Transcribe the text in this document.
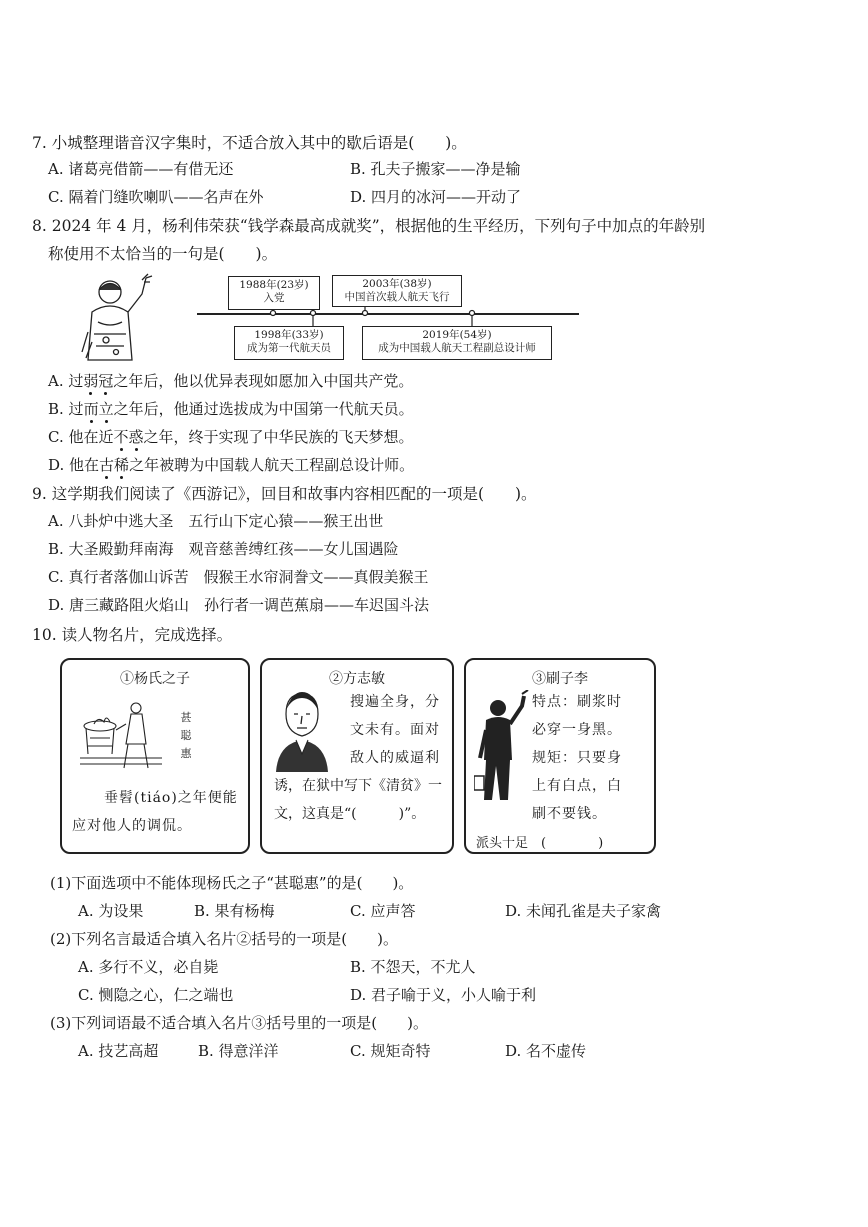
7. 小城整理谐音汉字集时，不适合放入其中的歇后语是(　　)。
A. 诸葛亮借箭——有借无还	B. 孔夫子搬家——净是输
C. 隔着门缝吹喇叭——名声在外	D. 四月的冰河——开动了
8. 2024 年 4 月，杨利伟荣获“钱学森最高成就奖”，根据他的生平经历，下列句子中加点的年龄别
称使用不太恰当的一句是(　　)。
1988年(23岁)
入党
2003年(38岁)
中国首次载人航天飞行
1998年(33岁)
成为第一代航天员
2019年(54岁)
成为中国载人航天工程副总设计师
A. 过弱冠之年后，他以优异表现如愿加入中国共产党。
B. 过而立之年后，他通过选拔成为中国第一代航天员。
C. 他在近不惑之年，终于实现了中华民族的飞天梦想。
D. 他在古稀之年被聘为中国载人航天工程副总设计师。
9. 这学期我们阅读了《西游记》，回目和故事内容相匹配的一项是(　　)。
A. 八卦炉中逃大圣　五行山下定心猿——猴王出世
B. 大圣殿勤拜南海　观音慈善缚红孩——女儿国遇险
C. 真行者落伽山诉苦　假猴王水帘洞誊文——真假美猴王
D. 唐三藏路阻火焰山　孙行者一调芭蕉扇——车迟国斗法
10. 读人物名片，完成选择。
①杨氏之子
甚
聪
惠
垂髫(tiáo)之年便能
应对他人的调侃。
②方志敏
搜遍全身，分
文未有。面对
敌人的威逼利
诱，在狱中写下《清贫》一
文，这真是“(　　　)”。
③刷子李
特点：刷浆时
必穿一身黑。
规矩：只要身
上有白点，白
刷不要钱。
派头十足　(　　　　)
(1)下面选项中不能体现杨氏之子“甚聪惠”的是(　　)。
A. 为设果	B. 果有杨梅	C. 应声答	D. 未闻孔雀是夫子家禽
(2)下列名言最适合填入名片②括号的一项是(　　)。
A. 多行不义，必自毙	B. 不怨天，不尤人
C. 恻隐之心，仁之端也	D. 君子喻于义，小人喻于利
(3)下列词语最不适合填入名片③括号里的一项是(　　)。
A. 技艺高超	B. 得意洋洋	C. 规矩奇特	D. 名不虚传
